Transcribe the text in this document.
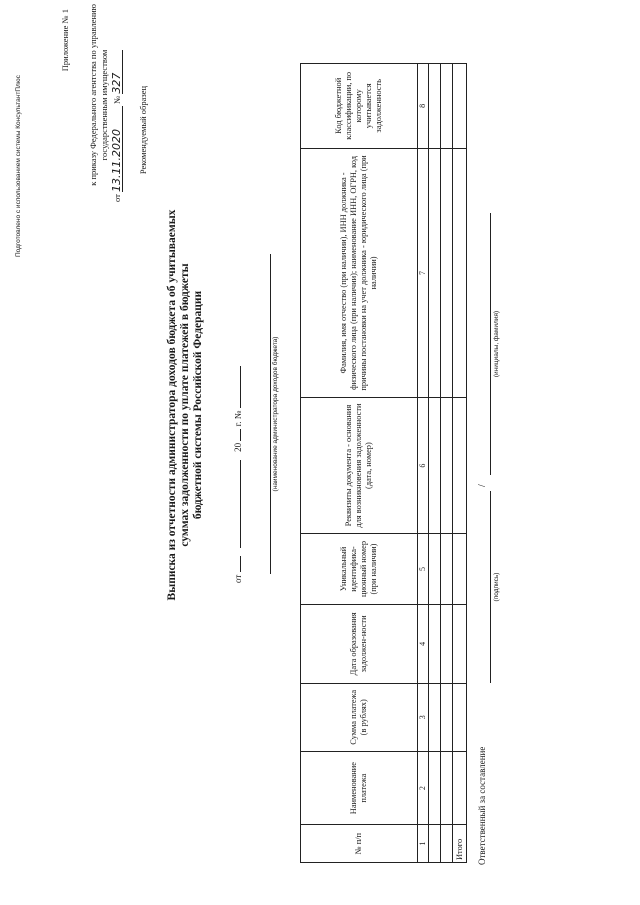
Подготовлено с использованием системы КонсультантПлюс
Приложение № 1 к приказу Федерального агентства по управлению государственным имуществом
от 13.11.2020 № 327
Рекомендуемый образец
Выписка из отчетности администратора доходов бюджета об учитываемых суммах задолженности по уплате платежей в бюджеты бюджетной системы Российской Федерации
от   20  г. №	(наименование администратора доходов бюджета)
№ п/п	Наименование платежа	Сумма платежа (в рублях)	Дата образования задолжен-ности	Уникальный идентифика-ционный номер (при наличии)	Реквизиты документа - основания для возникновения задолженности (дата, номер)	Фамилия, имя отчество (при наличии), ИНН должника - физического лица (при наличии); наименование ИНН, ОГРН, код причины постановки на учет должника - юридического лица (при наличии)	Код бюджетной классификации, по которому учитывается задолженность
1	2	3	4	5	6	7	8

Итого							Ответственный за составление
/
(подпись)
(инициалы, фамилия)
